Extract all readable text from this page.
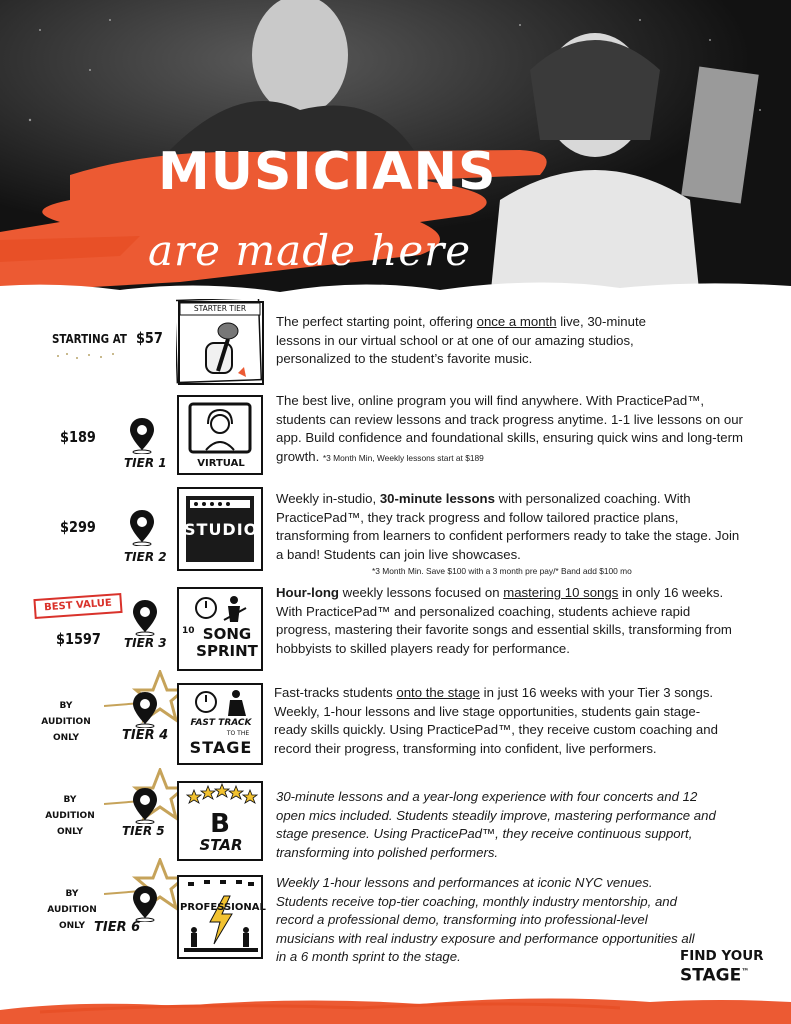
MUSICIANS
are made here
STARTING AT $57
STARTER TIER
The perfect starting point, offering once a month live, 30-minute lessons in our virtual school or at one of our amazing studios, personalized to the student’s favorite music.
$189
TIER 1	VIRTUAL
The best live, online program you will find anywhere. With PracticePad™, students can review lessons and track progress anytime. 1-1 live lessons on our app. Build confidence and foundational skills, ensuring quick wins and long-term growth. *3 Month Min, Weekly lessons start at $189
$299
TIER 2
STUDIO
Weekly in-studio, 30-minute lessons with personalized coaching. With PracticePad™, they track progress and follow tailored practice plans, transforming from learners to confident performers ready to take the stage. Join a band! Students can join live showcases.
*3 Month Min. Save $100 with a 3 month pre pay/* Band add $100 mo
BEST VALUE
$1597 TIER 3
10 SONG SPRINT
Hour-long weekly lessons focused on mastering 10 songs in only 16 weeks. With PracticePad™ and personalized coaching, students achieve rapid progress, mastering their favorite songs and essential skills, transforming from hobbyists to skilled players ready for performance.
BY AUDITION ONLY	TIER 4
FAST TRACK
TO THE
STAGE
Fast-tracks students onto the stage in just 16 weeks with your Tier 3 songs. Weekly, 1-hour lessons and live stage opportunities, students gain stage-ready skills quickly. Using PracticePad™, they receive custom coaching and record their progress, transforming into confident, live performers.
BY AUDITION ONLY	TIER 5 B
STAR
30-minute lessons and a year-long experience with four concerts and 12 open mics included. Students steadily improve, mastering performance and stage presence. Using PracticePad™, they receive continuous support, transforming into polished performers.
BY AUDITION ONLY TIER 6
PROFESSIONAL
Weekly 1-hour lessons and performances at iconic NYC venues. Students receive top-tier coaching, monthly industry mentorship, and record a professional demo, transforming into professional-level musicians with real industry exposure and performance opportunities all in a 6 month sprint to the stage.	FIND YOUR
STAGE™
